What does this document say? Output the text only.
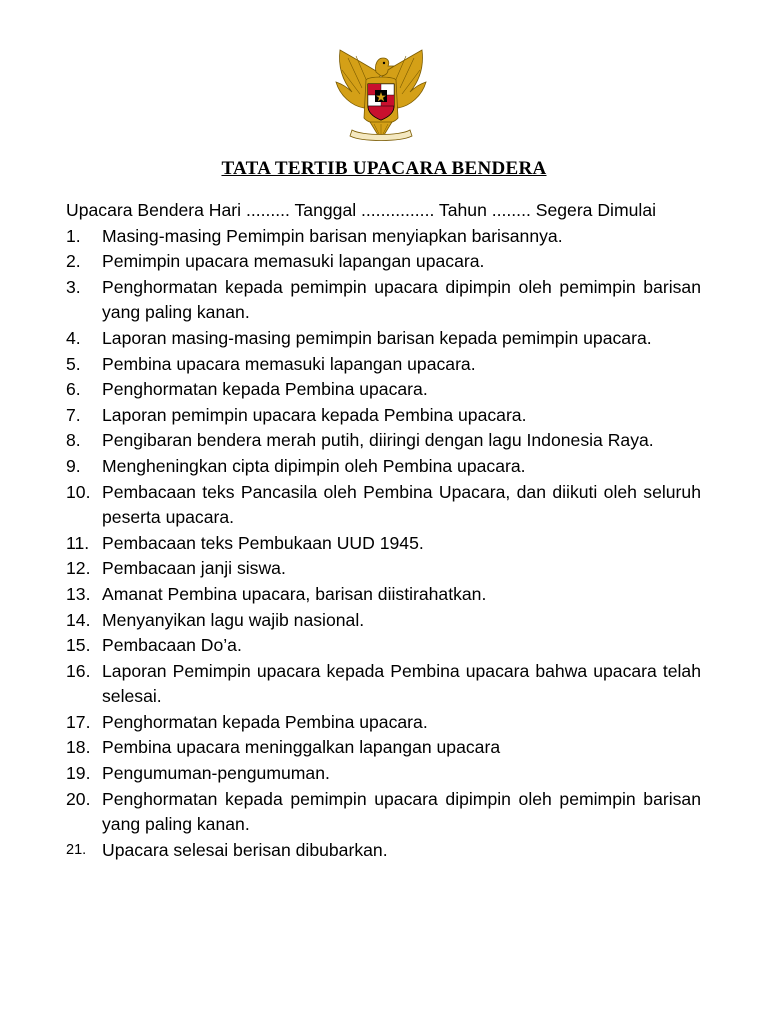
TATA TERTIB UPACARA BENDERA
Upacara Bendera Hari ......... Tanggal ............... Tahun ........ Segera Dimulai
1. Masing-masing Pemimpin barisan menyiapkan barisannya.
2. Pemimpin upacara memasuki lapangan upacara.
3. Penghormatan kepada pemimpin upacara dipimpin oleh pemimpin barisan yang paling kanan.
4. Laporan masing-masing pemimpin barisan kepada pemimpin upacara.
5. Pembina upacara memasuki lapangan upacara.
6. Penghormatan kepada Pembina upacara.
7. Laporan pemimpin upacara kepada Pembina upacara.
8. Pengibaran bendera merah putih, diiringi dengan lagu Indonesia Raya.
9. Mengheningkan cipta dipimpin oleh Pembina upacara.
10. Pembacaan teks Pancasila oleh Pembina Upacara, dan diikuti oleh seluruh peserta upacara.
11. Pembacaan teks Pembukaan UUD 1945.
12. Pembacaan janji siswa.
13. Amanat Pembina upacara, barisan diistirahatkan.
14. Menyanyikan lagu wajib nasional.
15. Pembacaan Do’a.
16. Laporan Pemimpin upacara kepada Pembina upacara bahwa upacara telah selesai.
17. Penghormatan kepada Pembina upacara.
18. Pembina upacara meninggalkan lapangan upacara
19. Pengumuman-pengumuman.
20. Penghormatan kepada pemimpin upacara dipimpin oleh pemimpin barisan yang paling kanan.
21. Upacara selesai berisan dibubarkan.
